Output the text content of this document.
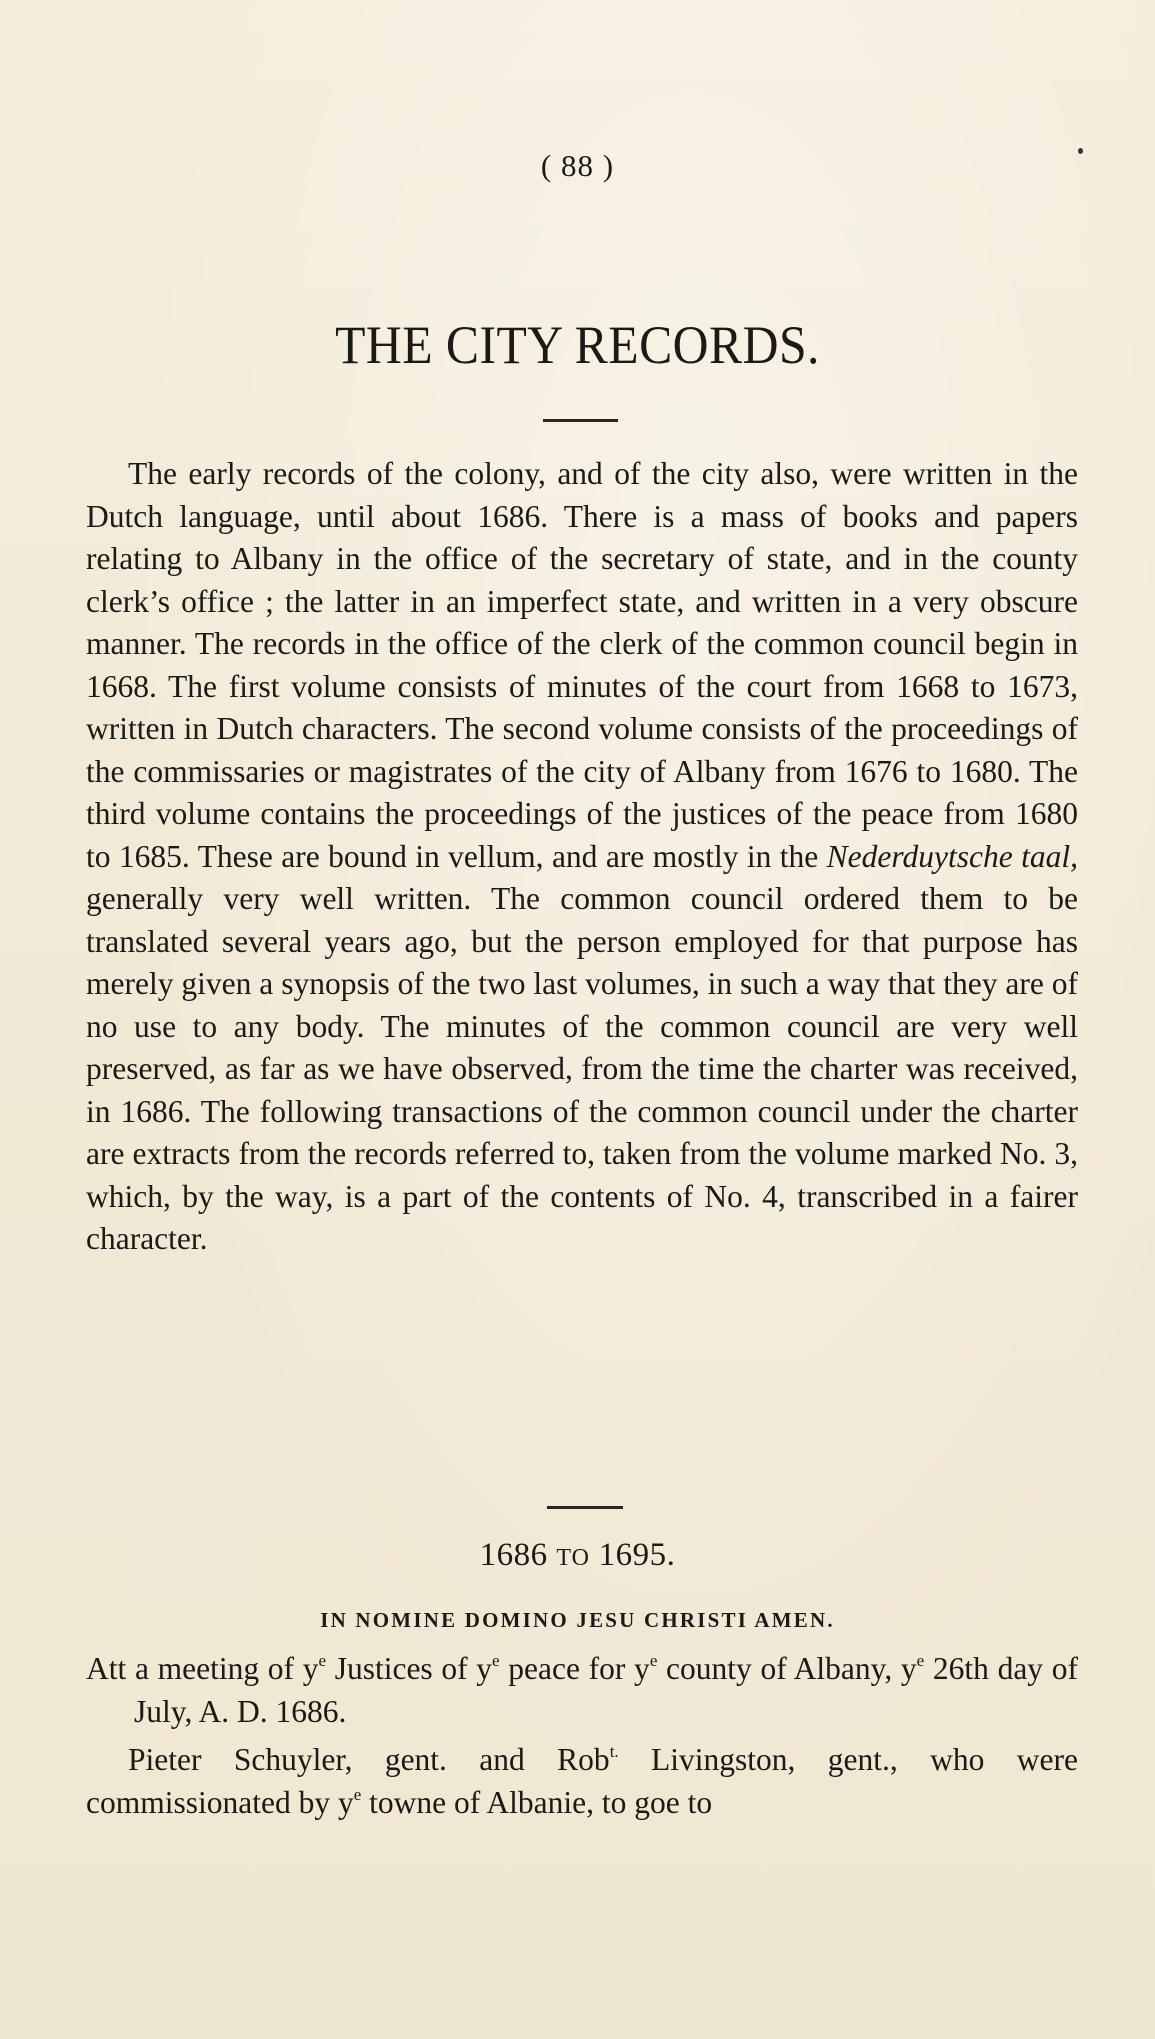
( 88 )
THE CITY RECORDS.

The early records of the colony, and of the city also, were written in the Dutch language, until about 1686. There is a mass of books and papers relating to Albany in the office of the secretary of state, and in the county clerk’s office ; the latter in an imperfect state, and written in a very obscure manner. The records in the office of the clerk of the common council begin in 1668. The first volume consists of minutes of the court from 1668 to 1673, written in Dutch characters. The second volume consists of the proceedings of the commissaries or magistrates of the city of Albany from 1676 to 1680. The third volume contains the proceedings of the justices of the peace from 1680 to 1685. These are bound in vellum, and are mostly in the Nederduytsche taal, generally very well written. The common council ordered them to be translated several years ago, but the person employed for that purpose has merely given a synopsis of the two last volumes, in such a way that they are of no use to any body. The minutes of the common council are very well preserved, as far as we have observed, from the time the charter was received, in 1686. The following transactions of the common council under the charter are extracts from the records referred to, taken from the volume marked No. 3, which, by the way, is a part of the contents of No. 4, transcribed in a fairer character.

1686 TO 1695.
IN NOMINE DOMINO JESU CHRISTI AMEN.

Att a meeting of $y^e$ Justices of $y^e$ peace for $y^e$ county of Albany, $y^e$ 26th day of July, A. D. 1686.

Pieter Schuyler, gent. and Rob$^{t.}$ Livingston, gent., who were commissionated by $y^e$ towne of Albanie, to goe to
